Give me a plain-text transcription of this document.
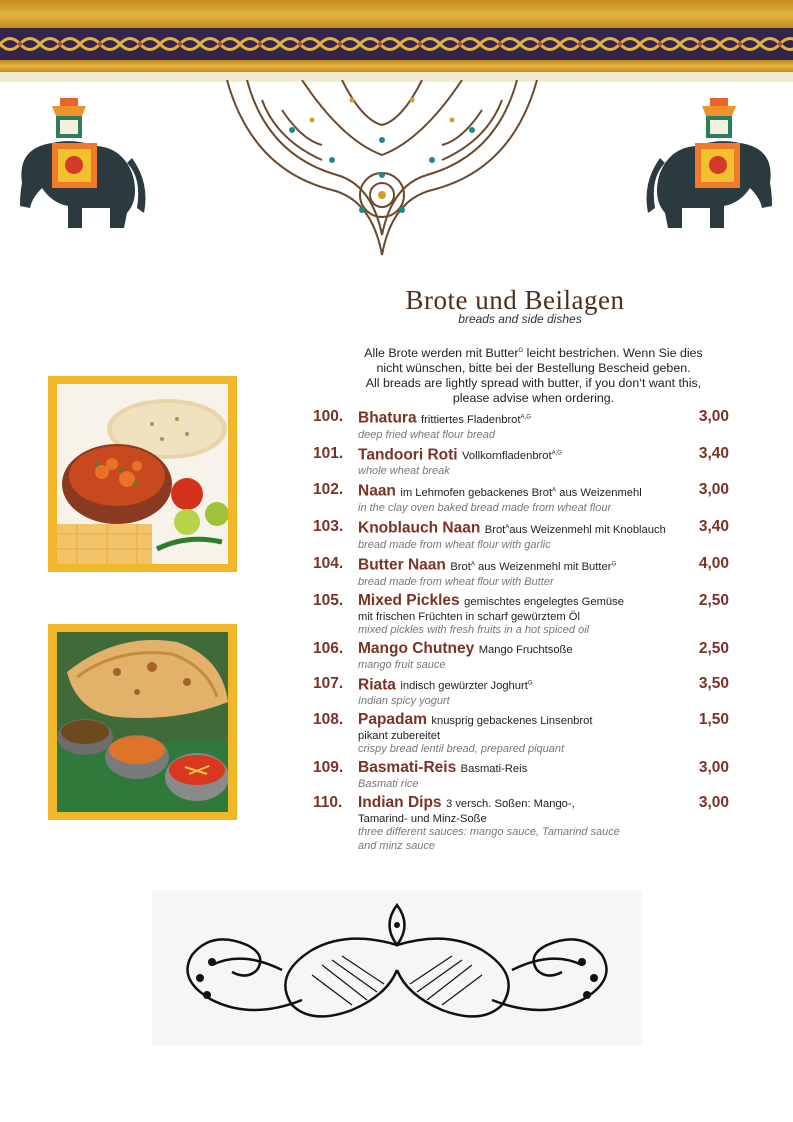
Brote und Beilagen
breads and side dishes

Alle Brote werden mit Butter$^G$ leicht bestrichen. Wenn Sie dies

nicht wünschen, bitte bei der Bestellung Bescheid geben.

All breads are lightly spread with butter, if you don‘t want this,

please advise when ordering.

100. Bhatura frittiertes Fladenbrot$^{A,G}$	3,00
deep fried wheat flour bread
101. Tandoori Roti Vollkornfladenbrot$^{A,G}$	3,40
whole wheat break
102. Naan im Lehmofen gebackenes Brot$^A$ aus Weizenmehl	3,00
in the clay oven baked bread made from wheat flour
103. Knoblauch Naan Brot$^A$aus Weizenmehl mit Knoblauch	3,40
bread made from wheat flour with garlic
104. Butter Naan Brot$^A$ aus Weizenmehl mit Butter$^G$	4,00
bread made from wheat flour with Butter
105. Mixed Pickles gemischtes engelegtes Gemüse	2,50
mit frischen Früchten in scharf gewürztem Öl
mixed pickles with fresh fruits in a hot spiced oil
106. Mango Chutney Mango Fruchtsoße	2,50
mango fruit sauce
107. Riata indisch gewürzter Joghurt$^G$	3,50
Indian spicy yogurt
108. Papadam knusprig gebackenes Linsenbrot	1,50
pikant zubereitet
crispy bread lentil bread, prepared piquant
109. Basmati-Reis Basmati-Reis	3,00
Basmati rice
110. Indian Dips 3 versch. Soßen: Mango-,	3,00
Tamarind- und Minz-Soße
three different sauces: mango sauce, Tamarind sauce
and minz sauce
